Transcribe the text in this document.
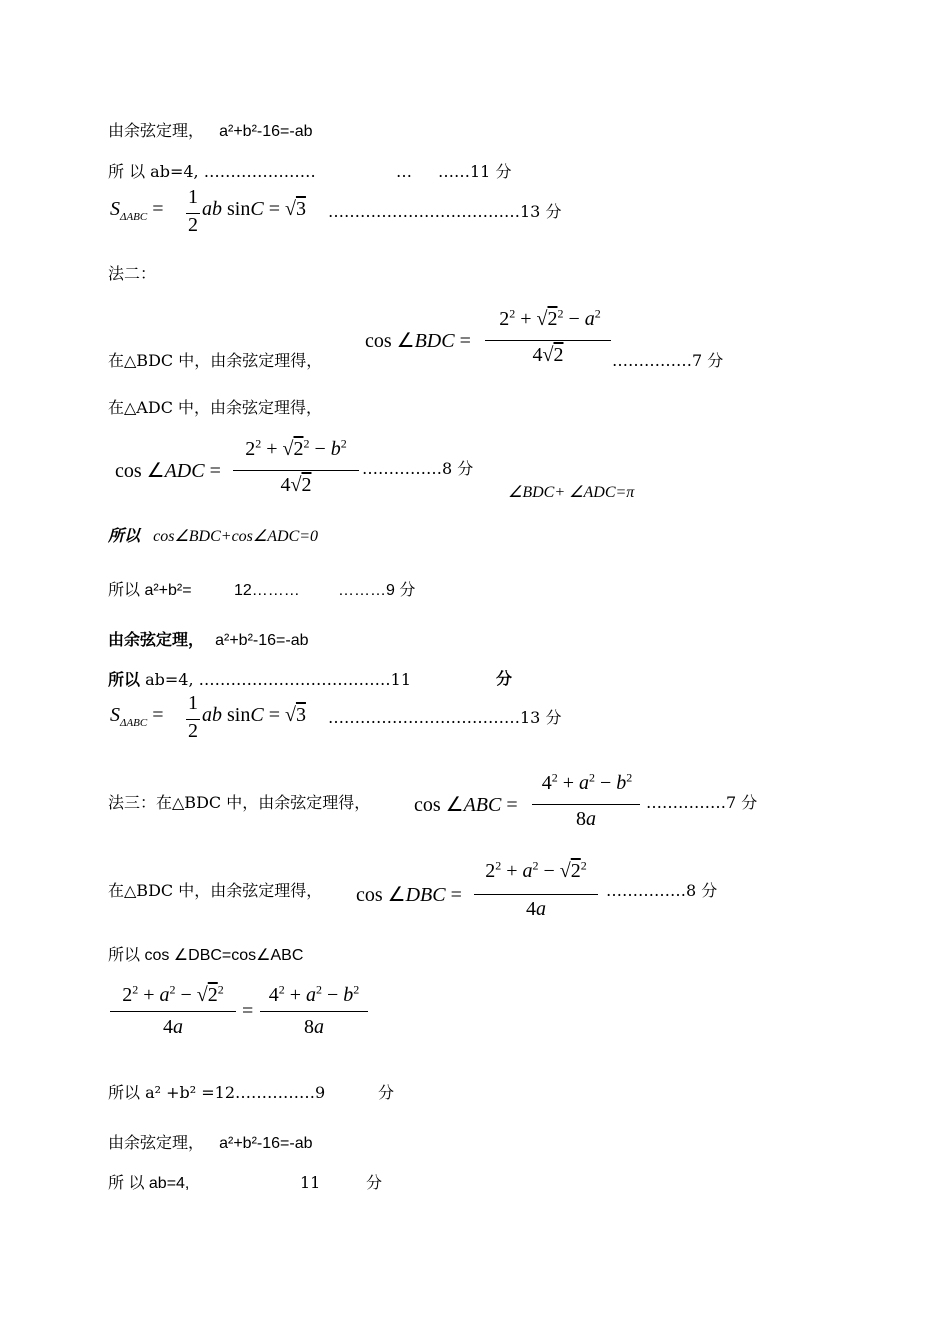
由余弦定理， a²+b²-16=-ab
所 以 ab=4, …………………	… ……11 分
$S_{\Delta ABC}$ =
1
2
ab sinC = √3 ………………………………13 分
法二：
cos ∠BDC =
$2^2 + √2^2 - a^2$
4√2
在△BDC 中，由余弦定理得，	……………7 分
在△ADC 中，由余弦定理得，
cos ∠ADC =
$2^2 + √2^2 - b^2$
4√2
……………8 分
∠BDC+ ∠ADC=π
所以 cos∠BDC+cos∠ADC=0
所以 a²+b²=	12……… ………9 分
由余弦定理， a²+b²-16=-ab
所以 ab=4, ………………………………11	分
$S_{\Delta ABC}$ =
1
2
ab sinC = √3 ………………………………13 分
法三：在△BDC 中，由余弦定理得， cos ∠ABC =
$4^2 + a^2 - b^2$
8a
……………7 分
在△BDC 中，由余弦定理得， cos ∠DBC =
$2^2 + a^2 - √2^2$
4a
……………8 分
所以 cos ∠DBC=cos∠ABC
$2^2 + a^2 - √2^2$
4a
=
$4^2 + a^2 - b^2$
8a
所以 a² +b² =12……………9	分
由余弦定理， a²+b²-16=-ab
所 以 ab=4,	11	分
